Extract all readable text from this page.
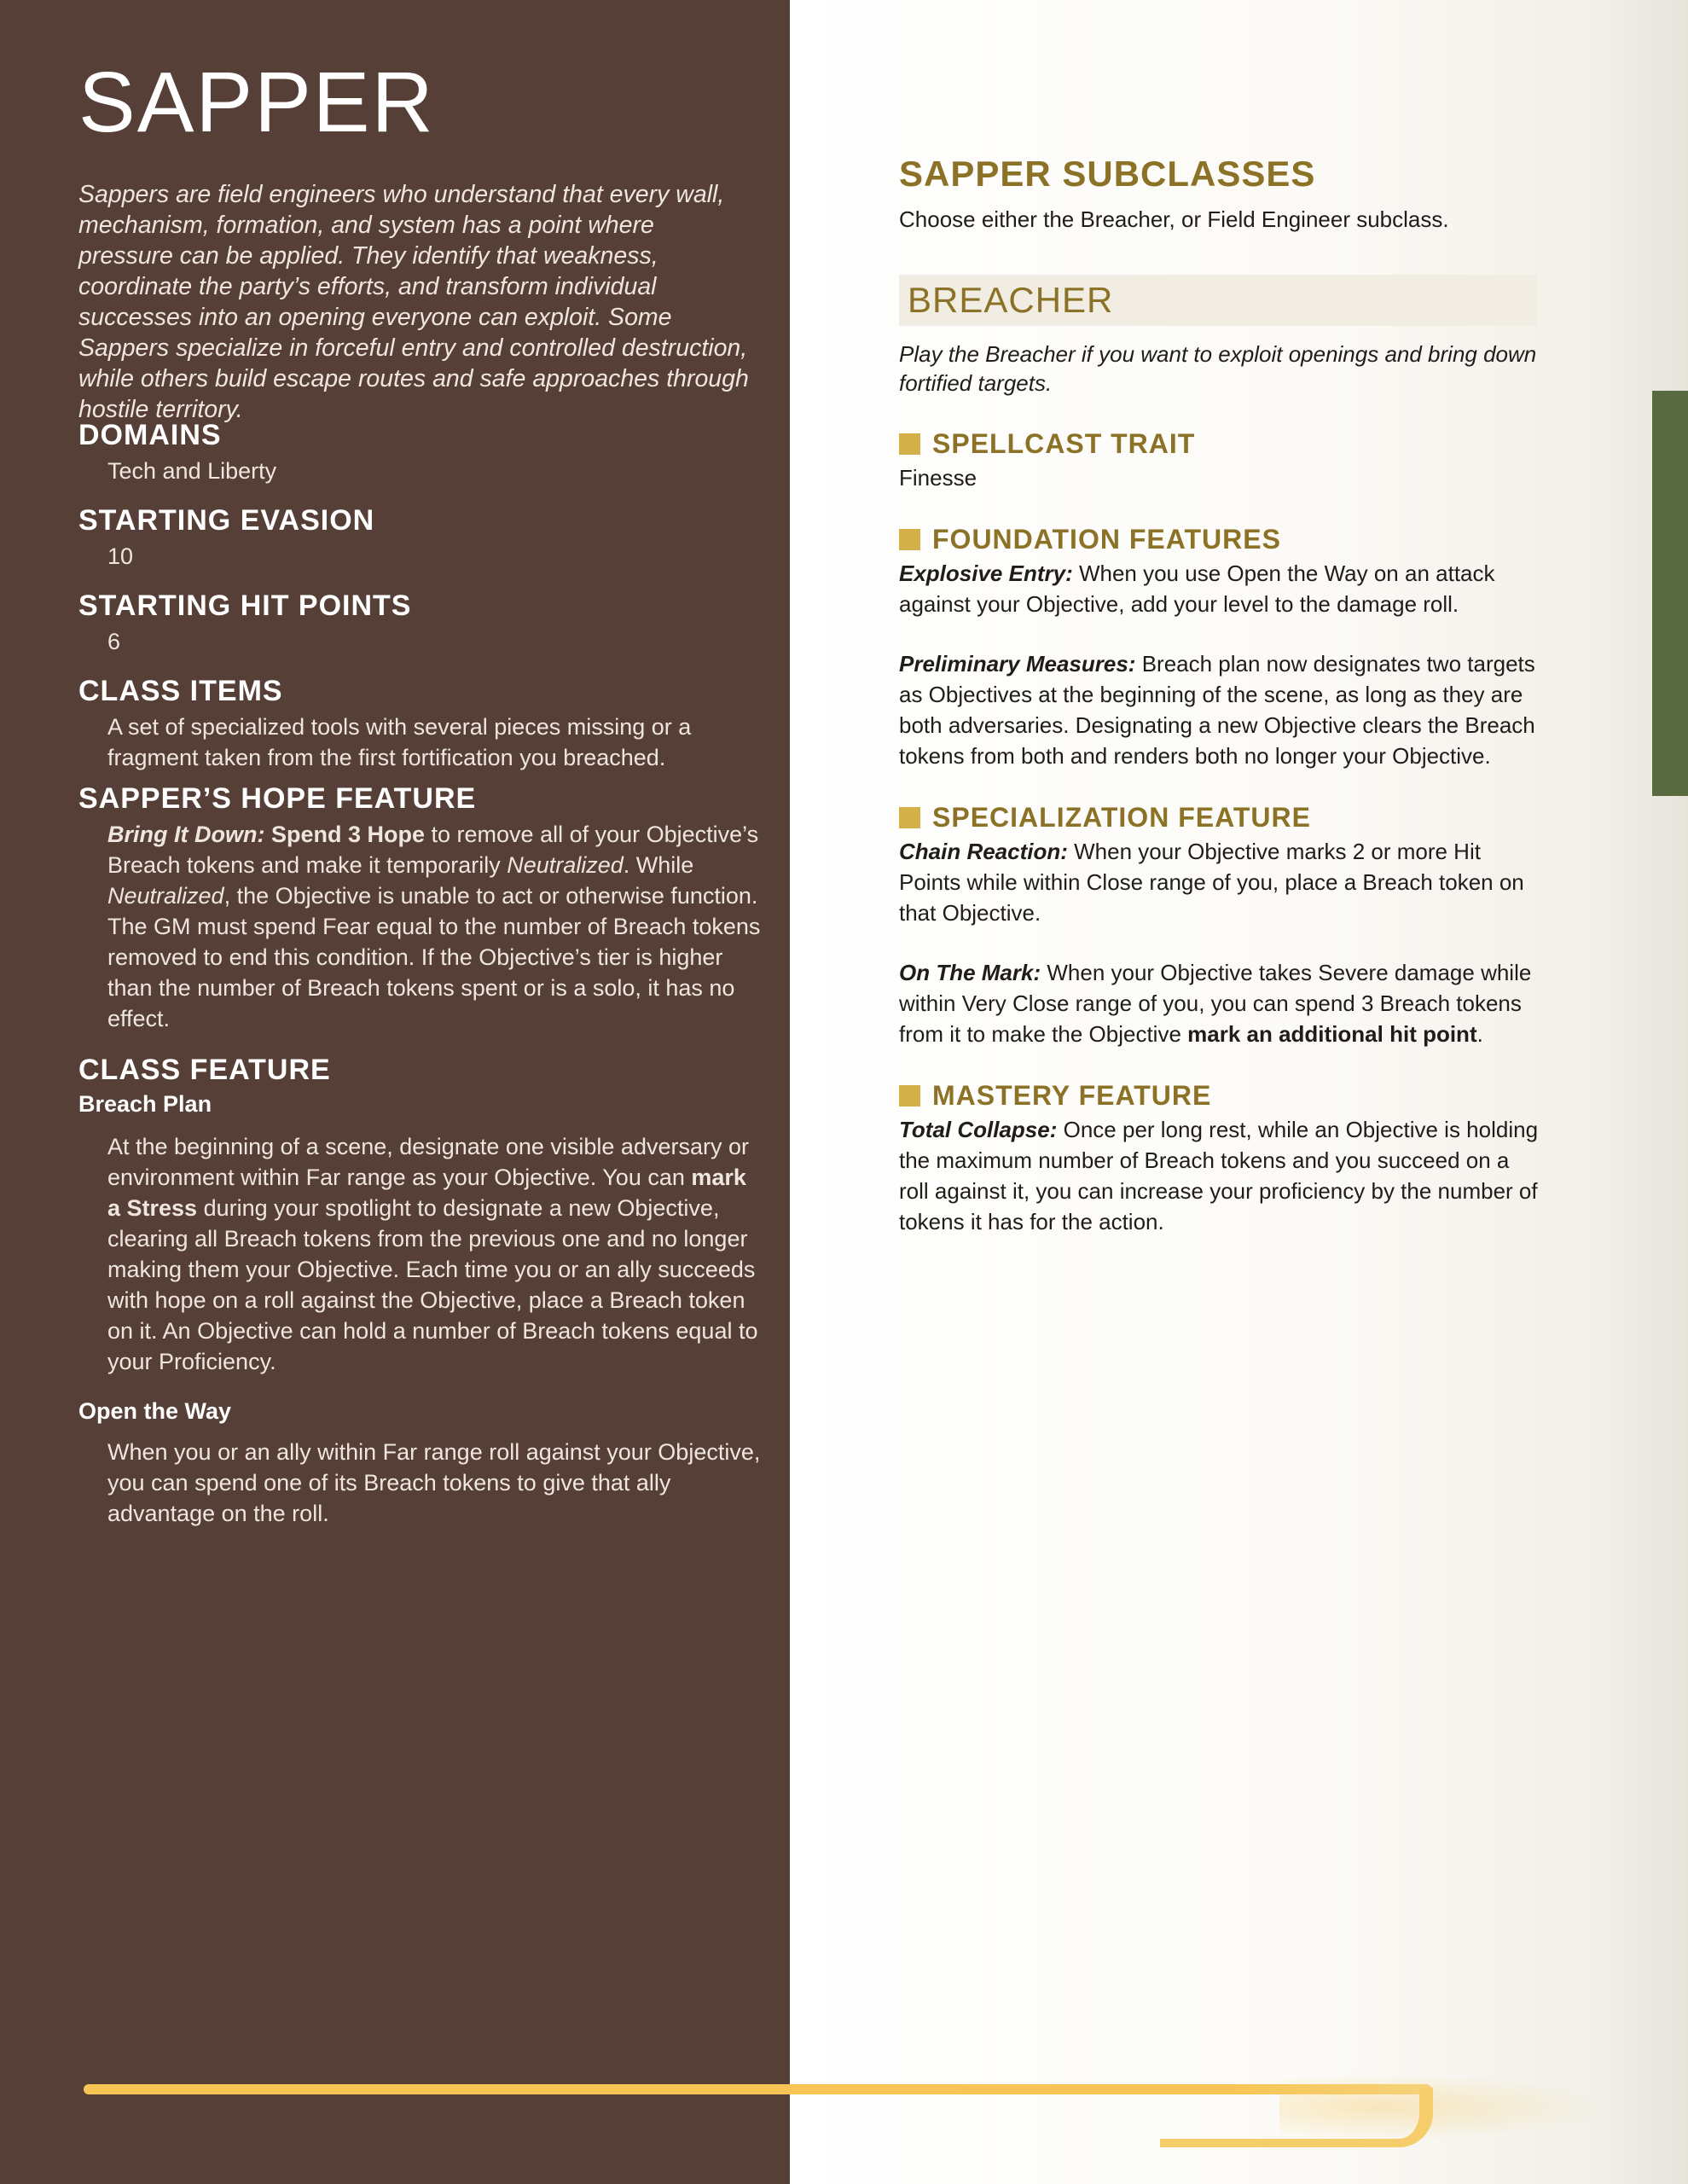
SAPPER

Sappers are field engineers who understand that every wall, mechanism, formation, and system has a point where pressure can be applied. They identify that weakness, coordinate the party’s efforts, and transform individual successes into an opening everyone can exploit. Some Sappers specialize in forceful entry and controlled destruction, while others build escape routes and safe approaches through hostile territory.

DOMAINS

Tech and Liberty

STARTING EVASION

10

STARTING HIT POINTS

6

CLASS ITEMS

A set of specialized tools with several pieces missing or a fragment taken from the first fortification you breached.

SAPPER’S HOPE FEATURE

Bring It Down: Spend 3 Hope to remove all of your Objective’s Breach tokens and make it temporarily Neutralized. While Neutralized, the Objective is unable to act or otherwise function. The GM must spend Fear equal to the number of Breach tokens removed to end this condition. If the Objective’s tier is higher than the number of Breach tokens spent or is a solo, it has no effect.

CLASS FEATURE

Breach Plan

At the beginning of a scene, designate one visible adversary or environment within Far range as your Objective. You can mark a Stress during your spotlight to designate a new Objective, clearing all Breach tokens from the previous one and no longer making them your Objective. Each time you or an ally succeeds with hope on a roll against the Objective, place a Breach token on it. An Objective can hold a number of Breach tokens equal to your Proficiency.

Open the Way

When you or an ally within Far range roll against your Objective, you can spend one of its Breach tokens to give that ally advantage on the roll.

SAPPER SUBCLASSES

Choose either the Breacher, or Field Engineer subclass.

BREACHER

Play the Breacher if you want to exploit openings and bring down fortified targets.

SPELLCAST TRAIT

Finesse

FOUNDATION FEATURES

Explosive Entry: When you use Open the Way on an attack against your Objective, add your level to the damage roll.

Preliminary Measures: Breach plan now designates two targets as Objectives at the beginning of the scene, as long as they are both adversaries. Designating a new Objective clears the Breach tokens from both and renders both no longer your Objective.

SPECIALIZATION FEATURE

Chain Reaction: When your Objective marks 2 or more Hit Points while within Close range of you, place a Breach token on that Objective.

On The Mark: When your Objective takes Severe damage while within Very Close range of you, you can spend 3 Breach tokens from it to make the Objective mark an additional hit point.

MASTERY FEATURE

Total Collapse: Once per long rest, while an Objective is holding the maximum number of Breach tokens and you succeed on a roll against it, you can increase your proficiency by the number of tokens it has for the action.
